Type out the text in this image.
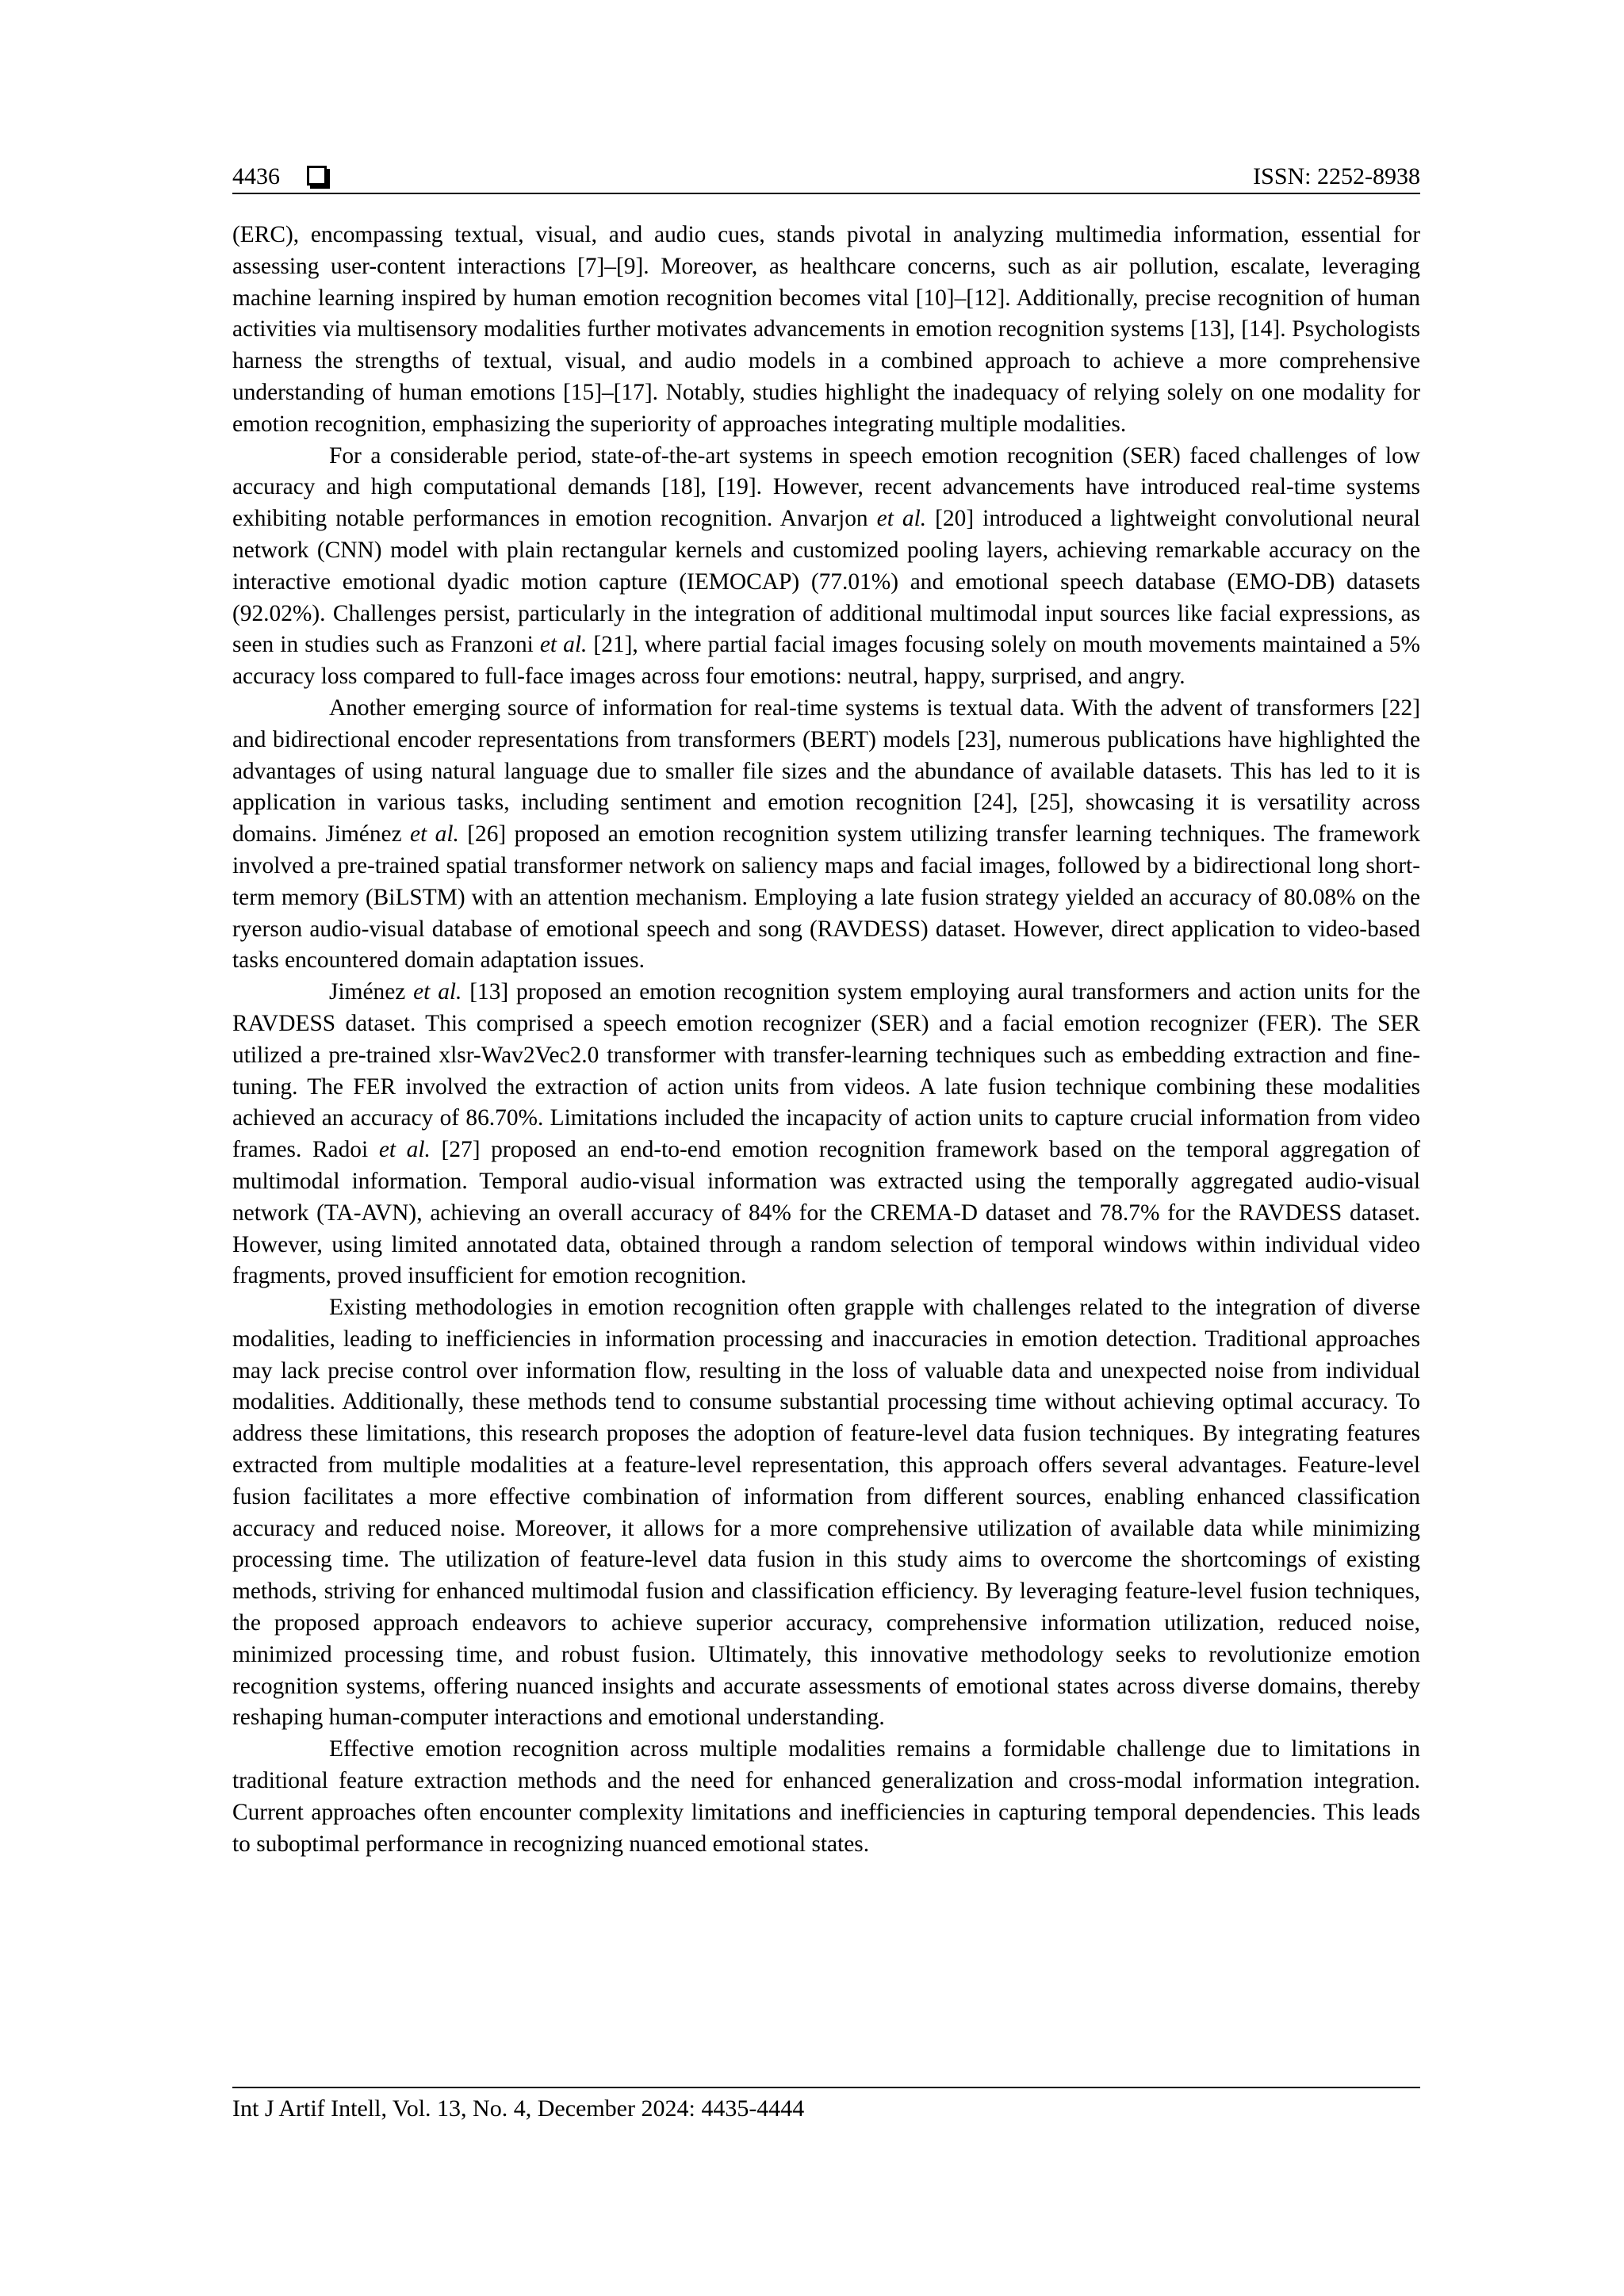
4436	ISSN: 2252-8938

(ERC), encompassing textual, visual, and audio cues, stands pivotal in analyzing multimedia information, essential for assessing user-content interactions [7]–[9]. Moreover, as healthcare concerns, such as air pollution, escalate, leveraging machine learning inspired by human emotion recognition becomes vital [10]–[12]. Additionally, precise recognition of human activities via multisensory modalities further motivates advancements in emotion recognition systems [13], [14]. Psychologists harness the strengths of textual, visual, and audio models in a combined approach to achieve a more comprehensive understanding of human emotions [15]–[17]. Notably, studies highlight the inadequacy of relying solely on one modality for emotion recognition, emphasizing the superiority of approaches integrating multiple modalities.

For a considerable period, state-of-the-art systems in speech emotion recognition (SER) faced challenges of low accuracy and high computational demands [18], [19]. However, recent advancements have introduced real-time systems exhibiting notable performances in emotion recognition. Anvarjon et al. [20] introduced a lightweight convolutional neural network (CNN) model with plain rectangular kernels and customized pooling layers, achieving remarkable accuracy on the interactive emotional dyadic motion capture (IEMOCAP) (77.01%) and emotional speech database (EMO-DB) datasets (92.02%). Challenges persist, particularly in the integration of additional multimodal input sources like facial expressions, as seen in studies such as Franzoni et al. [21], where partial facial images focusing solely on mouth movements maintained a 5% accuracy loss compared to full-face images across four emotions: neutral, happy, surprised, and angry.

Another emerging source of information for real-time systems is textual data. With the advent of transformers [22] and bidirectional encoder representations from transformers (BERT) models [23], numerous publications have highlighted the advantages of using natural language due to smaller file sizes and the abundance of available datasets. This has led to it is application in various tasks, including sentiment and emotion recognition [24], [25], showcasing it is versatility across domains. Jiménez et al. [26] proposed an emotion recognition system utilizing transfer learning techniques. The framework involved a pre-trained spatial transformer network on saliency maps and facial images, followed by a bidirectional long short-term memory (BiLSTM) with an attention mechanism. Employing a late fusion strategy yielded an accuracy of 80.08% on the ryerson audio-visual database of emotional speech and song (RAVDESS) dataset. However, direct application to video-based tasks encountered domain adaptation issues.

Jiménez et al. [13] proposed an emotion recognition system employing aural transformers and action units for the RAVDESS dataset. This comprised a speech emotion recognizer (SER) and a facial emotion recognizer (FER). The SER utilized a pre-trained xlsr-Wav2Vec2.0 transformer with transfer-learning techniques such as embedding extraction and fine-tuning. The FER involved the extraction of action units from videos. A late fusion technique combining these modalities achieved an accuracy of 86.70%. Limitations included the incapacity of action units to capture crucial information from video frames. Radoi et al. [27] proposed an end-to-end emotion recognition framework based on the temporal aggregation of multimodal information. Temporal audio-visual information was extracted using the temporally aggregated audio-visual network (TA-AVN), achieving an overall accuracy of 84% for the CREMA-D dataset and 78.7% for the RAVDESS dataset. However, using limited annotated data, obtained through a random selection of temporal windows within individual video fragments, proved insufficient for emotion recognition.

Existing methodologies in emotion recognition often grapple with challenges related to the integration of diverse modalities, leading to inefficiencies in information processing and inaccuracies in emotion detection. Traditional approaches may lack precise control over information flow, resulting in the loss of valuable data and unexpected noise from individual modalities. Additionally, these methods tend to consume substantial processing time without achieving optimal accuracy. To address these limitations, this research proposes the adoption of feature-level data fusion techniques. By integrating features extracted from multiple modalities at a feature-level representation, this approach offers several advantages. Feature-level fusion facilitates a more effective combination of information from different sources, enabling enhanced classification accuracy and reduced noise. Moreover, it allows for a more comprehensive utilization of available data while minimizing processing time. The utilization of feature-level data fusion in this study aims to overcome the shortcomings of existing methods, striving for enhanced multimodal fusion and classification efficiency. By leveraging feature-level fusion techniques, the proposed approach endeavors to achieve superior accuracy, comprehensive information utilization, reduced noise, minimized processing time, and robust fusion. Ultimately, this innovative methodology seeks to revolutionize emotion recognition systems, offering nuanced insights and accurate assessments of emotional states across diverse domains, thereby reshaping human-computer interactions and emotional understanding.

Effective emotion recognition across multiple modalities remains a formidable challenge due to limitations in traditional feature extraction methods and the need for enhanced generalization and cross-modal information integration. Current approaches often encounter complexity limitations and inefficiencies in capturing temporal dependencies. This leads to suboptimal performance in recognizing nuanced emotional states.

Int J Artif Intell, Vol. 13, No. 4, December 2024: 4435-4444
